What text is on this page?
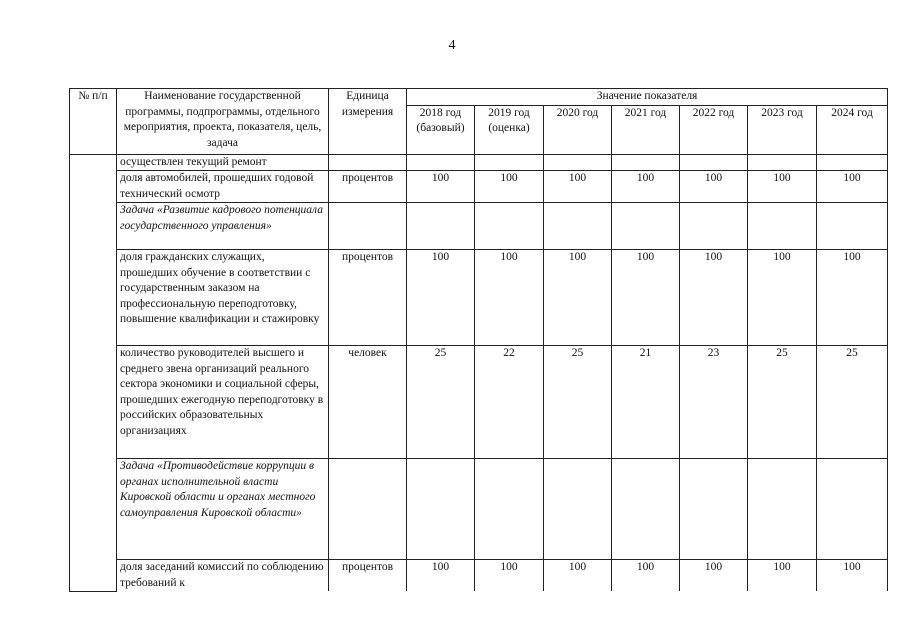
4
№ п/п	Наименование государственной программы, подпрограммы, отдельного мероприятия, проекта, показателя, цель, задача	Единица измерения	Значение показателя						
			2018 год (базовый)	2019 год (оценка)	2020 год	2021 год	2022 год	2023 год	2024 год
	осуществлен текущий ремонт								
	доля автомобилей, прошедших годовой технический осмотр	процентов	100	100	100	100	100	100	100
	Задача «Развитие кадрового потенциала государственного управления»								
	доля гражданских служащих, прошедших обучение в соответствии с государственным заказом на профессиональную переподготовку, повышение квалификации и стажировку	процентов	100	100	100	100	100	100	100
	количество руководителей высшего и среднего звена организаций реального сектора экономики и социальной сферы, прошедших ежегодную переподготовку в российских образовательных организациях	человек	25	22	25	21	23	25	25
	Задача «Противодействие коррупции в органах исполнительной власти Кировской области и органах местного самоуправления Кировской области»								
	доля заседаний комиссий по соблюдению требований к	процентов	100	100	100	100	100	100	100
